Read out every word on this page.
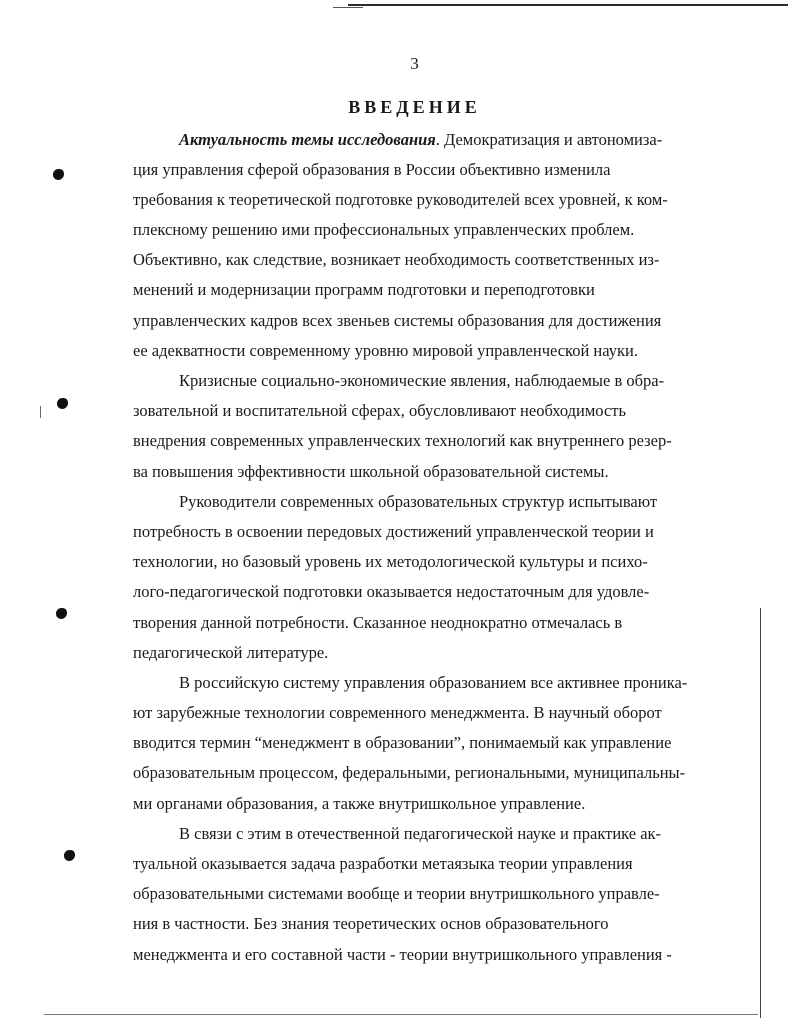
3
ВВЕДЕНИЕ

Актуальность темы исследования. Демократизация и автономиза-
ция управления сферой образования в России объективно изменила
требования к теоретической подготовке руководителей всех уровней, к ком-
плексному решению ими профессиональных управленческих проблем.
Объективно, как следствие, возникает необходимость соответственных из-
менений и модернизации программ подготовки и переподготовки
управленческих кадров всех звеньев системы образования для достижения
ее адекватности современному уровню мировой управленческой науки.

Кризисные социально-экономические явления, наблюдаемые в обра-
зовательной и воспитательной сферах, обусловливают необходимость
внедрения современных управленческих технологий как внутреннего резер-
ва повышения эффективности школьной образовательной системы.

Руководители современных образовательных структур испытывают
потребность в освоении передовых достижений управленческой теории и
технологии, но базовый уровень их методологической культуры и психо-
лого-педагогической подготовки оказывается недостаточным для удовле-
творения данной потребности. Сказанное неоднократно отмечалась в
педагогической литературе.

В российскую систему управления образованием все активнее проника-
ют зарубежные технологии современного менеджмента. В научный оборот
вводится термин “менеджмент в образовании”, понимаемый как управление
образовательным процессом, федеральными, региональными, муниципальны-
ми органами образования, а также внутришкольное управление.

В связи с этим в отечественной педагогической науке и практике ак-
туальной оказывается задача разработки метаязыка теории управления
образовательными системами вообще и теории внутришкольного управле-
ния в частности. Без знания теоретических основ образовательного
менеджмента и его составной части - теории внутришкольного управления -
